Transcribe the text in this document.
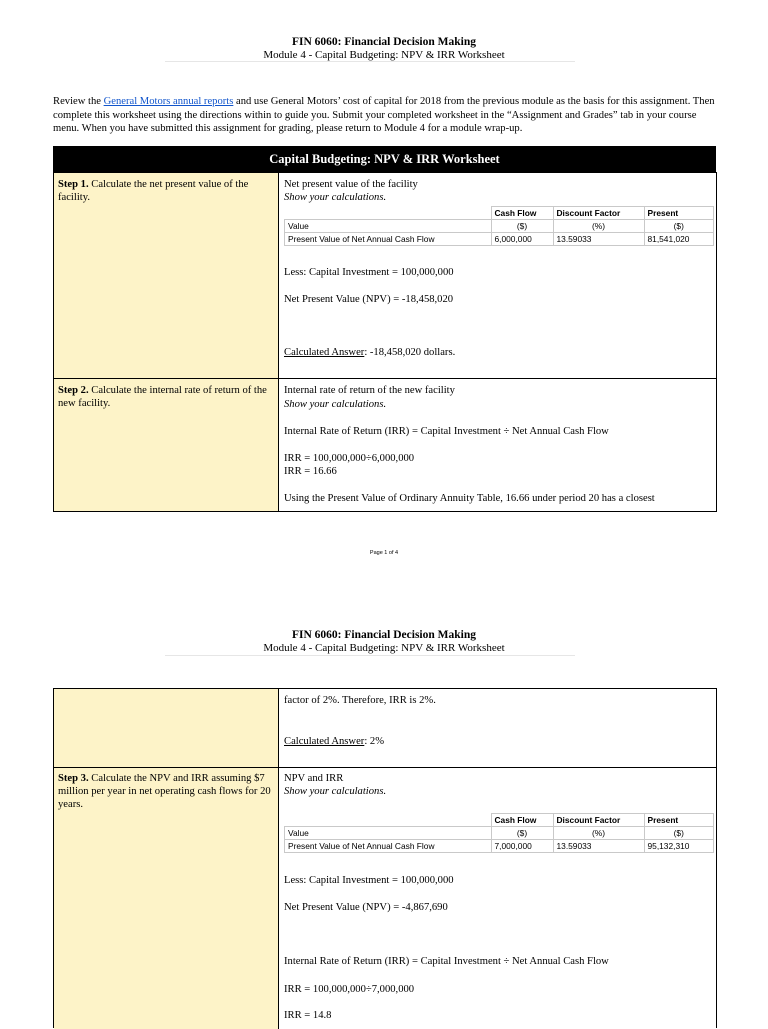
FIN 6060: Financial Decision Making
Module 4 - Capital Budgeting: NPV & IRR Worksheet
Review the General Motors annual reports and use General Motors’ cost of capital for 2018 from the previous module as the basis for this assignment. Then complete this worksheet using the directions within to guide you. Submit your completed worksheet in the “Assignment and Grades” tab in your course menu. When you have submitted this assignment for grading, please return to Module 4 for a module wrap-up.
Capital Budgeting: NPV & IRR Worksheet
Step 1. Calculate the net present value of the facility.
Net present value of the facility
Show your calculations.
	Cash Flow	Discount Factor	Present
Value	($)	(%)	($)
Present Value of Net Annual Cash Flow	6,000,000	13.59033	81,541,020
Less: Capital Investment = 100,000,000
Net Present Value (NPV) = -18,458,020
Calculated Answer: -18,458,020 dollars.
Step 2. Calculate the internal rate of return of the new facility.
Internal rate of return of the new facility
Show your calculations.
Internal Rate of Return (IRR) = Capital Investment ÷ Net Annual Cash Flow
IRR = 100,000,000÷6,000,000
IRR = 16.66
Using the Present Value of Ordinary Annuity Table, 16.66 under period 20 has a closest
Page 1 of 4
FIN 6060: Financial Decision Making
Module 4 - Capital Budgeting: NPV & IRR Worksheet
factor of 2%. Therefore, IRR is 2%.
Calculated Answer: 2%
Step 3. Calculate the NPV and IRR assuming $7 million per year in net operating cash flows for 20 years.
NPV and IRR
Show your calculations.
	Cash Flow	Discount Factor	Present
Value	($)	(%)	($)
Present Value of Net Annual Cash Flow	7,000,000	13.59033	95,132,310
Less: Capital Investment = 100,000,000
Net Present Value (NPV) = -4,867,690
Internal Rate of Return (IRR) = Capital Investment ÷ Net Annual Cash Flow
IRR = 100,000,000÷7,000,000
IRR = 14.8
